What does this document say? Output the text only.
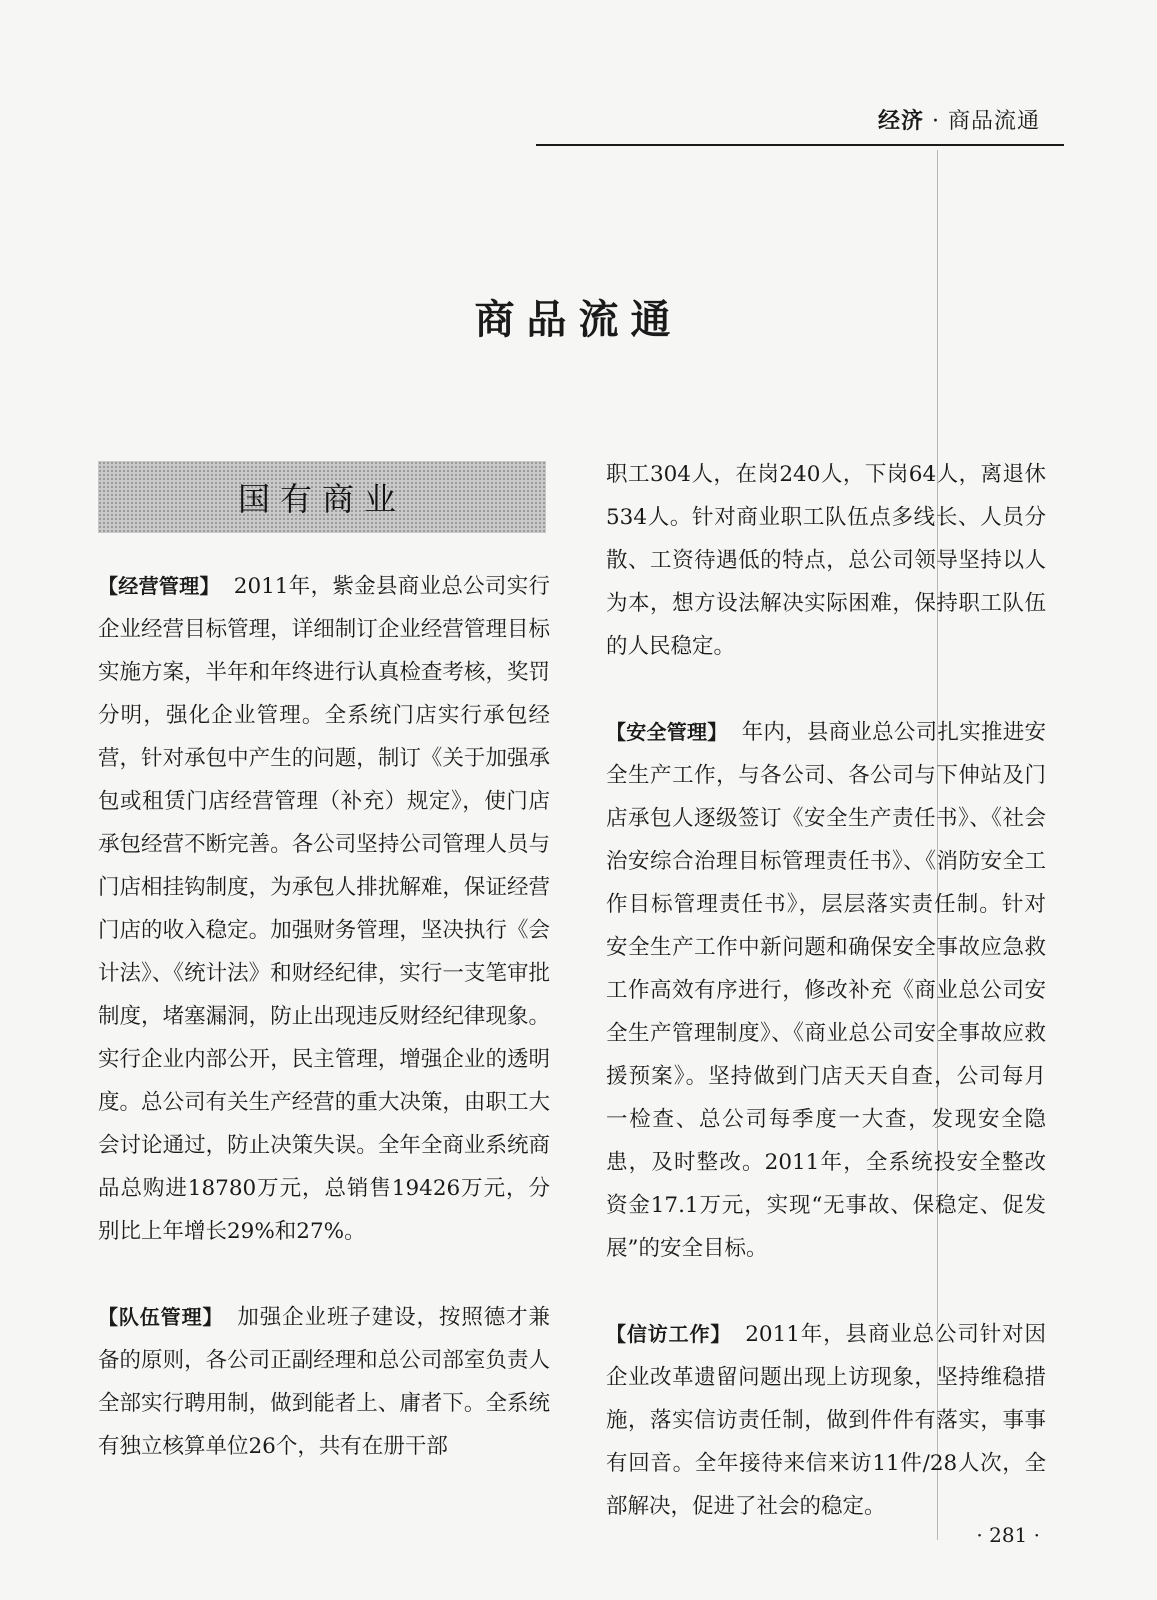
经济 · 商品流通
商品流通
国有商业

【经营管理】 2011年，紫金县商业总公司实行企业经营目标管理，详细制订企业经营管理目标实施方案，半年和年终进行认真检查考核，奖罚分明，强化企业管理。全系统门店实行承包经营，针对承包中产生的问题，制订《关于加强承包或租赁门店经营管理（补充）规定》，使门店承包经营不断完善。各公司坚持公司管理人员与门店相挂钩制度，为承包人排扰解难，保证经营门店的收入稳定。加强财务管理，坚决执行《会计法》、《统计法》和财经纪律，实行一支笔审批制度，堵塞漏洞，防止出现违反财经纪律现象。实行企业内部公开，民主管理，增强企业的透明度。总公司有关生产经营的重大决策，由职工大会讨论通过，防止决策失误。全年全商业系统商品总购进18780万元，总销售19426万元，分别比上年增长29%和27%。

【队伍管理】 加强企业班子建设，按照德才兼备的原则，各公司正副经理和总公司部室负责人全部实行聘用制，做到能者上、庸者下。全系统有独立核算单位26个，共有在册干部

职工304人，在岗240人，下岗64人，离退休534人。针对商业职工队伍点多线长、人员分散、工资待遇低的特点，总公司领导坚持以人为本，想方设法解决实际困难，保持职工队伍的人民稳定。

【安全管理】 年内，县商业总公司扎实推进安全生产工作，与各公司、各公司与下伸站及门店承包人逐级签订《安全生产责任书》、《社会治安综合治理目标管理责任书》、《消防安全工作目标管理责任书》，层层落实责任制。针对安全生产工作中新问题和确保安全事故应急救工作高效有序进行，修改补充《商业总公司安全生产管理制度》、《商业总公司安全事故应救援预案》。坚持做到门店天天自查，公司每月一检查、总公司每季度一大查，发现安全隐患，及时整改。2011年，全系统投安全整改资金17.1万元，实现“无事故、保稳定、促发展”的安全目标。

【信访工作】 2011年，县商业总公司针对因企业改革遗留问题出现上访现象，坚持维稳措施，落实信访责任制，做到件件有落实，事事有回音。全年接待来信来访11件/28人次，全部解决，促进了社会的稳定。

· 281 ·
